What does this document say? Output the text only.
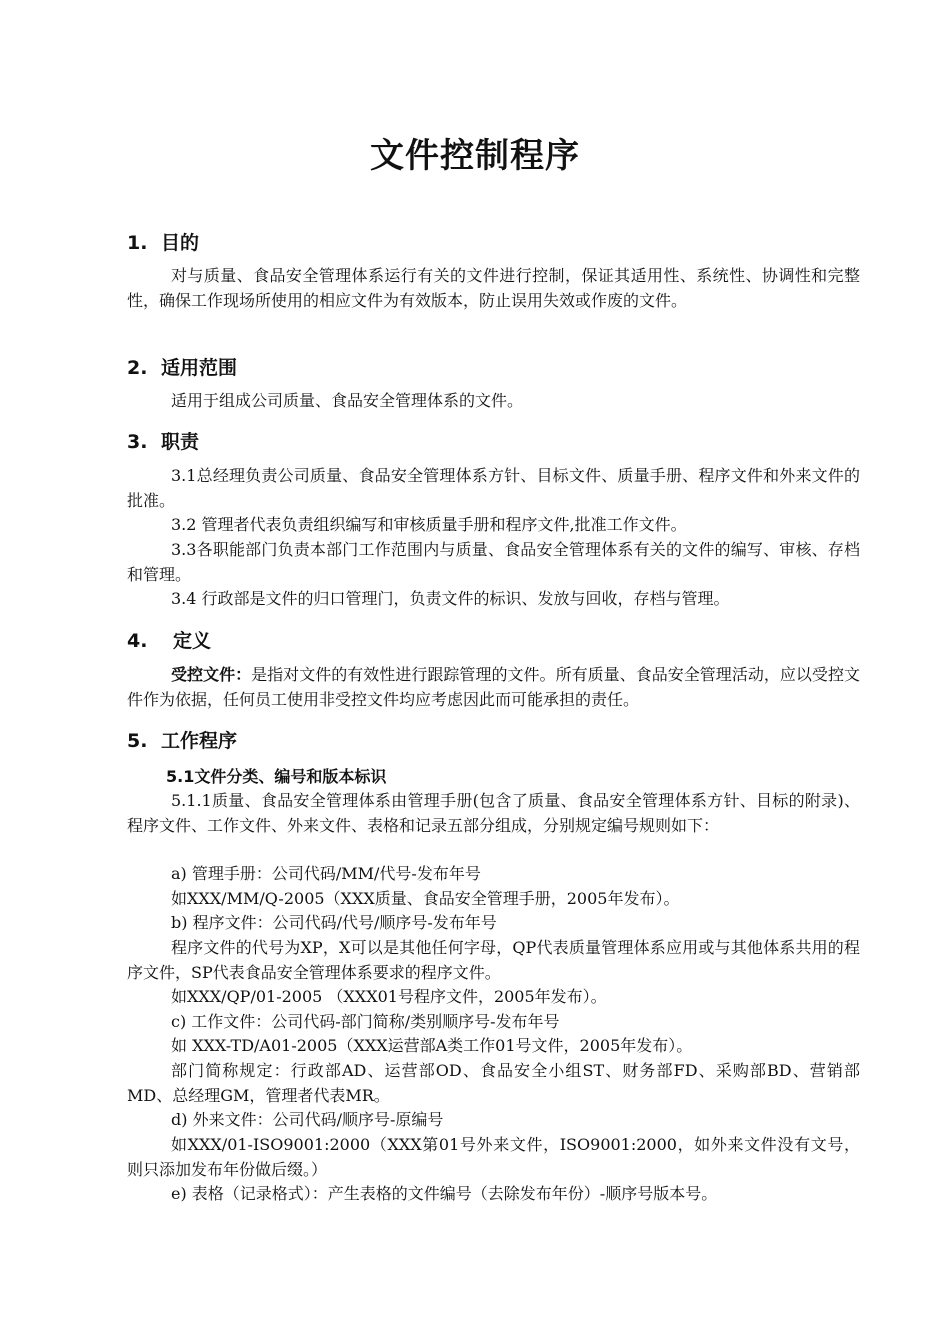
文件控制程序
1. 目的
对与质量、食品安全管理体系运行有关的文件进行控制，保证其适用性、系统性、协调性和完整性，确保工作现场所使用的相应文件为有效版本，防止误用失效或作废的文件。
2. 适用范围
适用于组成公司质量、食品安全管理体系的文件。
3. 职责
3.1总经理负责公司质量、食品安全管理体系方针、目标文件、质量手册、程序文件和外来文件的批准。
3.2 管理者代表负责组织编写和审核质量手册和程序文件,批准工作文件。
3.3各职能部门负责本部门工作范围内与质量、食品安全管理体系有关的文件的编写、审核、存档和管理。
3.4 行政部是文件的归口管理门，负责文件的标识、发放与回收，存档与管理。
4. 定义
受控文件：是指对文件的有效性进行跟踪管理的文件。所有质量、食品安全管理活动，应以受控文件作为依据，任何员工使用非受控文件均应考虑因此而可能承担的责任。
5. 工作程序
5.1文件分类、编号和版本标识
5.1.1质量、食品安全管理体系由管理手册(包含了质量、食品安全管理体系方针、目标的附录)、程序文件、工作文件、外来文件、表格和记录五部分组成，分别规定编号规则如下：
a) 管理手册：公司代码/MM/代号-发布年号
如XXX/MM/Q-2005（XXX质量、食品安全管理手册，2005年发布）。
b) 程序文件：公司代码/代号/顺序号-发布年号
程序文件的代号为XP，X可以是其他任何字母，QP代表质量管理体系应用或与其他体系共用的程序文件，SP代表食品安全管理体系要求的程序文件。
如XXX/QP/01-2005 （XXX01号程序文件，2005年发布）。
c) 工作文件：公司代码-部门简称/类别顺序号-发布年号
如 XXX-TD/A01-2005（XXX运营部A类工作01号文件，2005年发布）。
部门简称规定：行政部AD、运营部OD、食品安全小组ST、财务部FD、采购部BD、营销部MD、总经理GM，管理者代表MR。
d) 外来文件：公司代码/顺序号-原编号
如XXX/01-ISO9001:2000（XXX第01号外来文件，ISO9001:2000，如外来文件没有文号，则只添加发布年份做后缀。）
e) 表格（记录格式）：产生表格的文件编号（去除发布年份）-顺序号版本号。
